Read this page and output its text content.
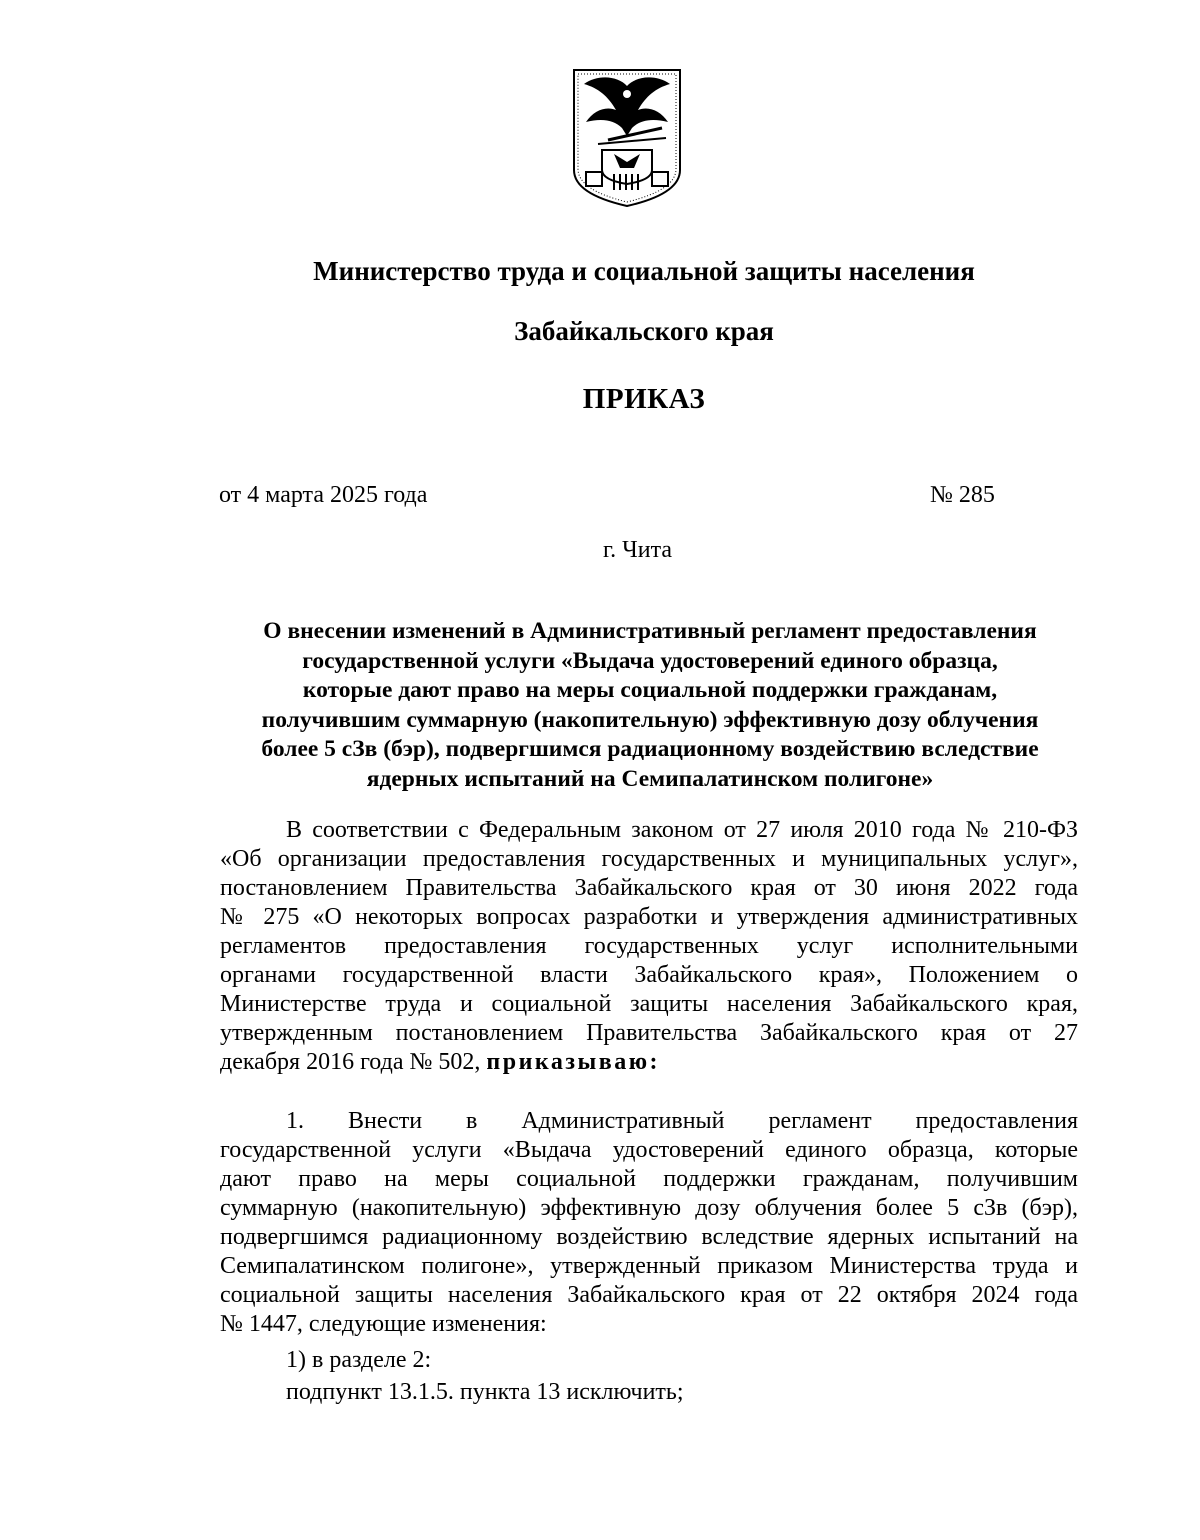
Министерство труда и социальной защиты населения
Забайкальского края
ПРИКАЗ
от 4 марта 2025 года	№ 285
г. Чита
О внесении изменений в Административный регламент предоставления
государственной услуги «Выдача удостоверений единого образца,
которые дают право на меры социальной поддержки гражданам,
получившим суммарную (накопительную) эффективную дозу облучения
более 5 сЗв (бэр), подвергшимся радиационному воздействию вследствие
ядерных испытаний на Семипалатинском полигоне»
В соответствии с Федеральным законом от 27 июля 2010 года № 210-ФЗ
«Об организации предоставления государственных и муниципальных услуг»,
постановлением Правительства Забайкальского края от 30 июня 2022 года
№ 275 «О некоторых вопросах разработки и утверждения административных
регламентов предоставления государственных услуг исполнительными
органами государственной власти Забайкальского края», Положением о
Министерстве труда и социальной защиты населения Забайкальского края,
утвержденным постановлением Правительства Забайкальского края от 27
декабря 2016 года № 502, приказываю:
1. Внести в Административный регламент предоставления
государственной услуги «Выдача удостоверений единого образца, которые
дают право на меры социальной поддержки гражданам, получившим
суммарную (накопительную) эффективную дозу облучения более 5 сЗв (бэр),
подвергшимся радиационному воздействию вследствие ядерных испытаний на
Семипалатинском полигоне», утвержденный приказом Министерства труда и
социальной защиты населения Забайкальского края от 22 октября 2024 года
№ 1447, следующие изменения:
1) в разделе 2:
подпункт 13.1.5. пункта 13 исключить;
